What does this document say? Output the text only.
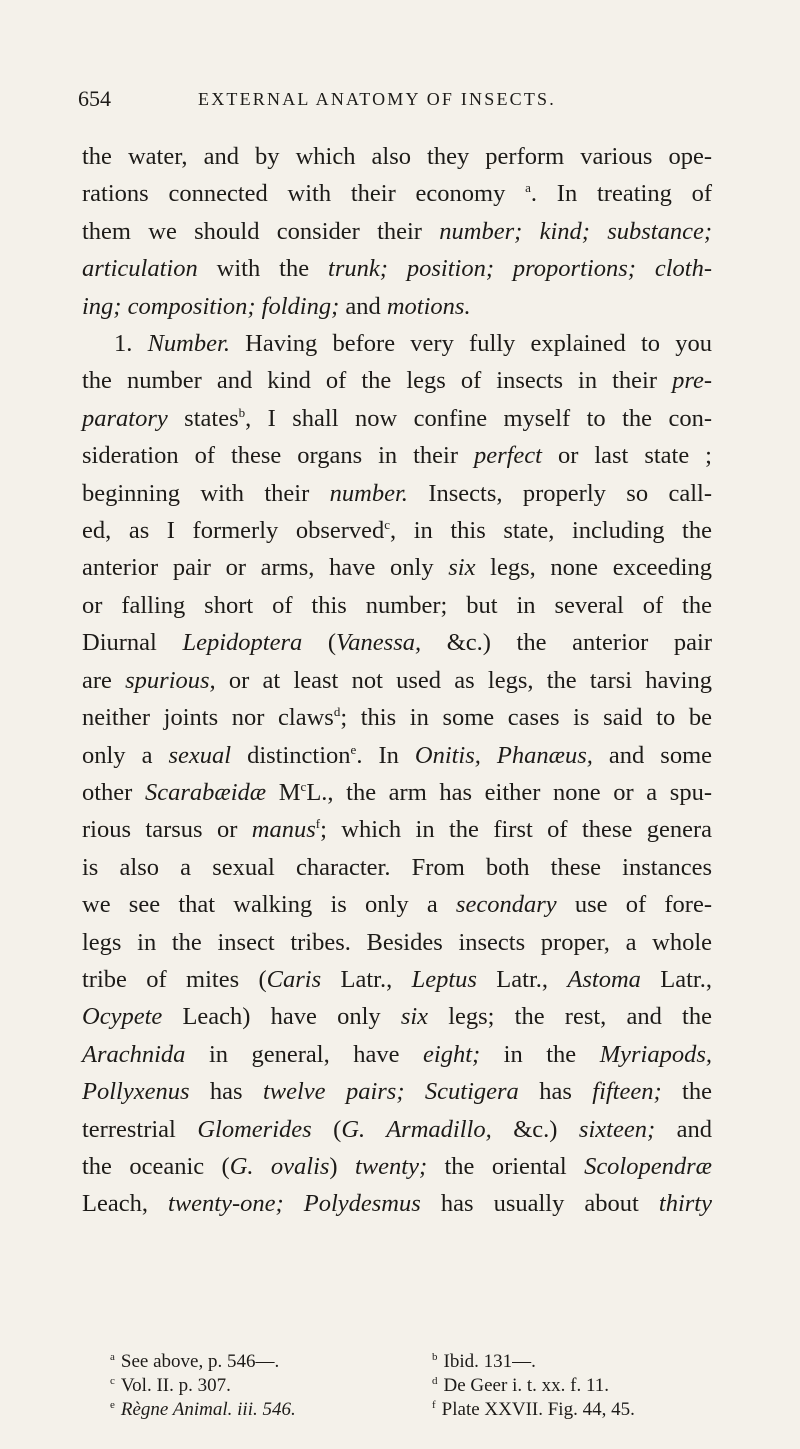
654	EXTERNAL ANATOMY OF INSECTS.

the water, and by which also they perform various ope-
rations connected with their economy $^a$. In treating of
them we should consider their number; kind; substance;
articulation with the trunk; position; proportions; cloth-
ing; composition; folding; and motions.

1. Number. Having before very fully explained to you

the number and kind of the legs of insects in their pre-
paratory states$^b$, I shall now confine myself to the con-
sideration of these organs in their perfect or last state ;
beginning with their number. Insects, properly so call-
ed, as I formerly observed$^c$, in this state, including the
anterior pair or arms, have only six legs, none exceeding
or falling short of this number; but in several of the
Diurnal Lepidoptera (Vanessa, &c.) the anterior pair
are spurious, or at least not used as legs, the tarsi having
neither joints nor claws$^d$; this in some cases is said to be
only a sexual distinction$^e$. In Onitis, Phanæus, and some
other Scarabæidæ $M^cL$., the arm has either none or a spu-
rious tarsus or manus$^f$; which in the first of these genera
is also a sexual character. From both these instances
we see that walking is only a secondary use of fore-
legs in the insect tribes. Besides insects proper, a whole
tribe of mites (Caris Latr., Leptus Latr., Astoma Latr.,
Ocypete Leach) have only six legs; the rest, and the
Arachnida in general, have eight; in the Myriapods,
Pollyxenus has twelve pairs; Scutigera has fifteen; the
terrestrial Glomerides (G. Armadillo, &c.) sixteen; and
the oceanic (G. ovalis) twenty; the oriental Scolopendræ
Leach, twenty-one; Polydesmus has usually about thirty

$^a$ See above, p. 546—.	$^b$ Ibid. 131—.
$^c$ Vol. II. p. 307.	$^d$ De Geer i. t. xx. f. 11.
$^e$ Règne Animal. iii. 546.	$^f$ Plate XXVII. Fig. 44, 45.
